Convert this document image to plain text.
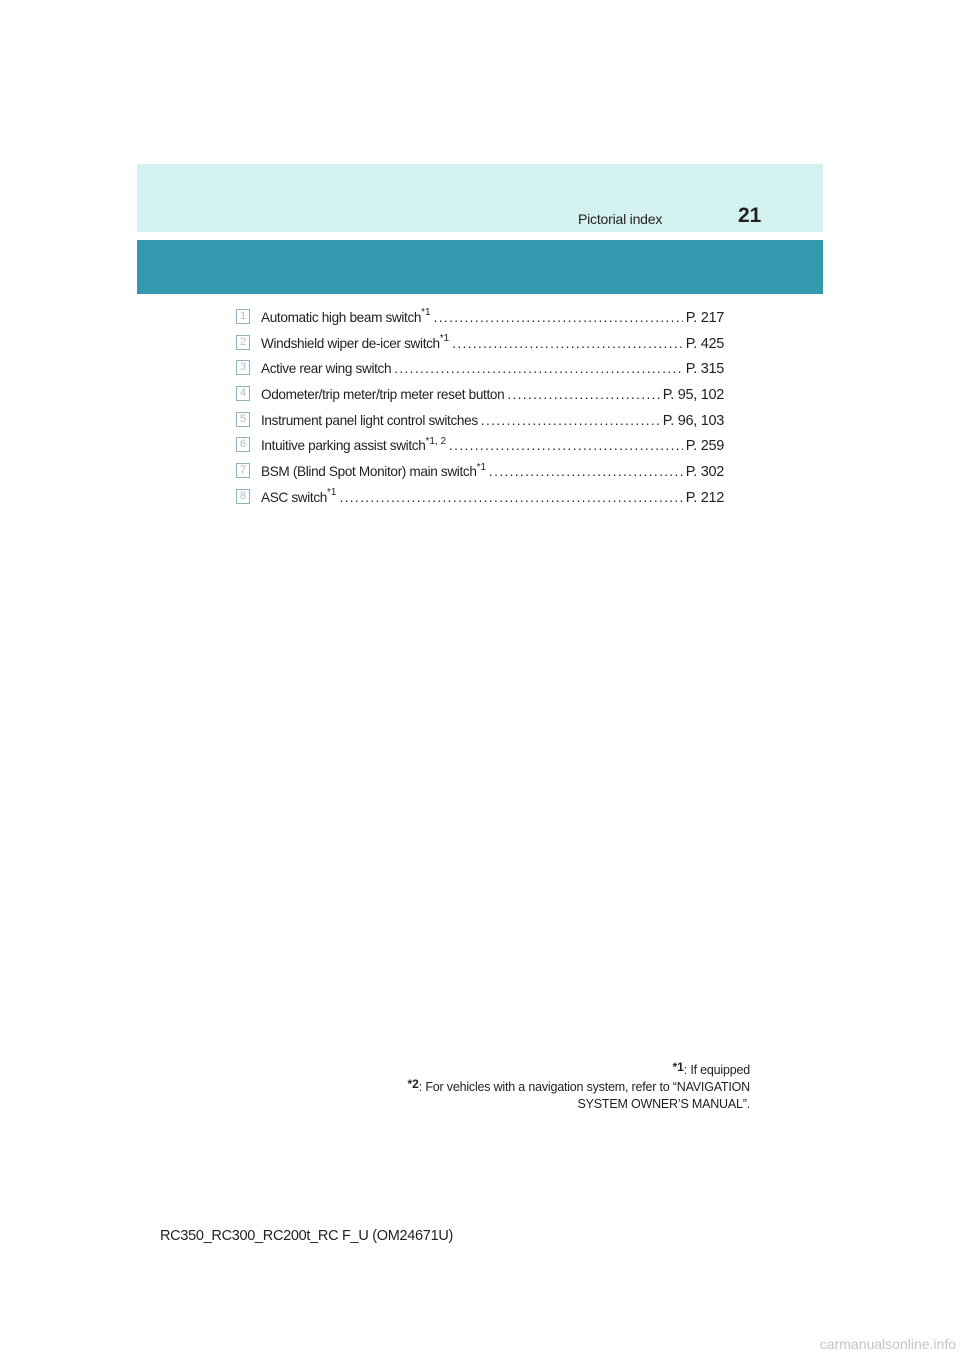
Pictorial index	21
1 Automatic high beam switch$^{*1}$ . . .	P. 217
2 Windshield wiper de-icer switch$^{*1}$ . . .	P. 425
3 Active rear wing switch . . .	P. 315
4 Odometer/trip meter/trip meter reset button . . .	P. 95, 102
5 Instrument panel light control switches . . .	P. 96, 103
6 Intuitive parking assist switch$^{*1, 2}$ . . .	P. 259
7 BSM (Blind Spot Monitor) main switch$^{*1}$ . . .	P. 302
8 ASC switch$^{*1}$ . . .	P. 212
*1: If equipped
*2: For vehicles with a navigation system, refer to “NAVIGATION
SYSTEM OWNER’S MANUAL”.
RC350_RC300_RC200t_RC F_U (OM24671U)
carmanualsonline.info
